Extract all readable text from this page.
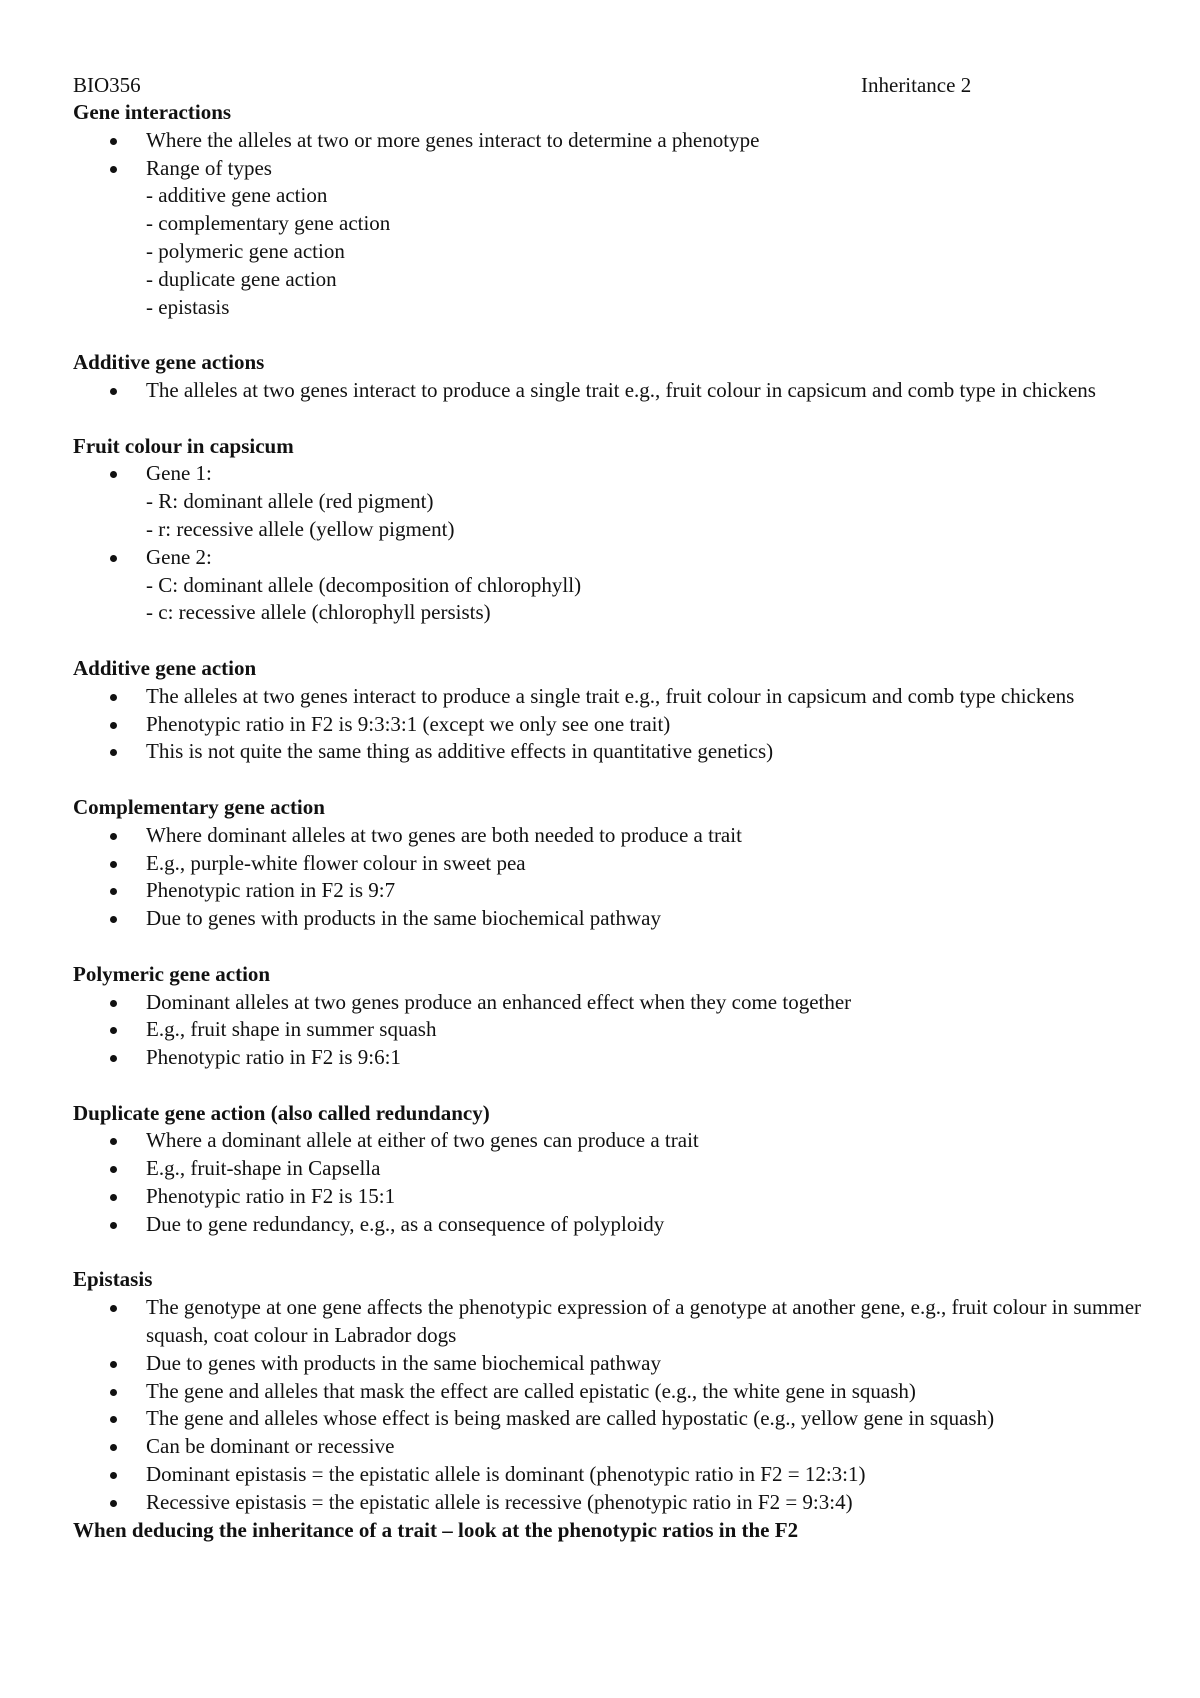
BIO356	Inheritance 2
Gene interactions
Where the alleles at two or more genes interact to determine a phenotype
Range of types
- additive gene action
- complementary gene action
- polymeric gene action
- duplicate gene action
- epistasis
Additive gene actions
The alleles at two genes interact to produce a single trait e.g., fruit colour in capsicum and comb type in chickens
Fruit colour in capsicum
Gene 1:
- R: dominant allele (red pigment)
- r: recessive allele (yellow pigment)
Gene 2:
- C: dominant allele (decomposition of chlorophyll)
- c: recessive allele (chlorophyll persists)
Additive gene action
The alleles at two genes interact to produce a single trait e.g., fruit colour in capsicum and comb type chickens
Phenotypic ratio in F2 is 9:3:3:1 (except we only see one trait)
This is not quite the same thing as additive effects in quantitative genetics)
Complementary gene action
Where dominant alleles at two genes are both needed to produce a trait
E.g., purple-white flower colour in sweet pea
Phenotypic ration in F2 is 9:7
Due to genes with products in the same biochemical pathway
Polymeric gene action
Dominant alleles at two genes produce an enhanced effect when they come together
E.g., fruit shape in summer squash
Phenotypic ratio in F2 is 9:6:1
Duplicate gene action (also called redundancy)
Where a dominant allele at either of two genes can produce a trait
E.g., fruit-shape in Capsella
Phenotypic ratio in F2 is 15:1
Due to gene redundancy, e.g., as a consequence of polyploidy
Epistasis
The genotype at one gene affects the phenotypic expression of a genotype at another gene, e.g., fruit colour in summer squash, coat colour in Labrador dogs
Due to genes with products in the same biochemical pathway
The gene and alleles that mask the effect are called epistatic (e.g., the white gene in squash)
The gene and alleles whose effect is being masked are called hypostatic (e.g., yellow gene in squash)
Can be dominant or recessive
Dominant epistasis = the epistatic allele is dominant (phenotypic ratio in F2 = 12:3:1)
Recessive epistasis = the epistatic allele is recessive (phenotypic ratio in F2 = 9:3:4)
When deducing the inheritance of a trait – look at the phenotypic ratios in the F2
